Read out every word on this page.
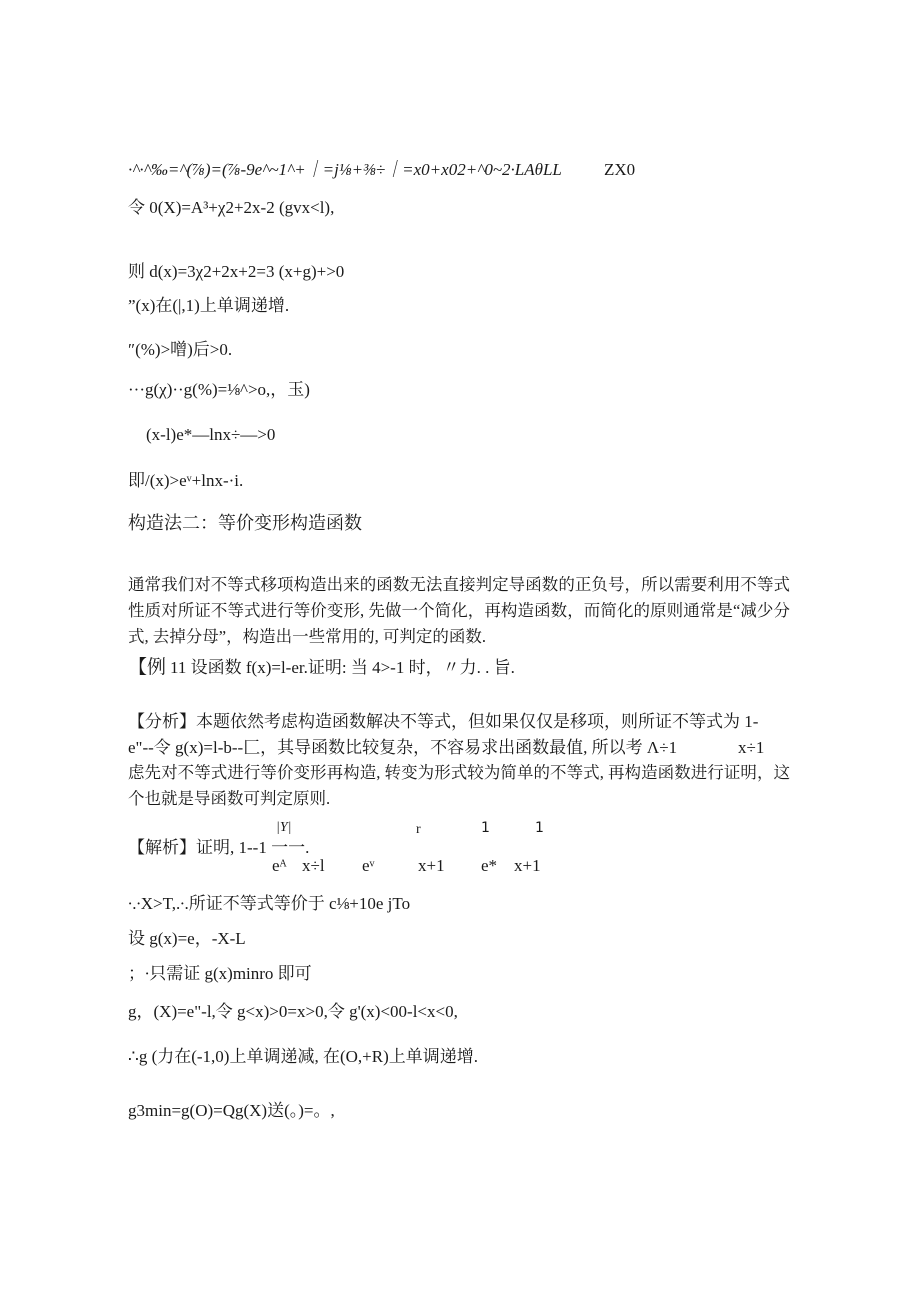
·^·^‰=^(⅞)=(⅞-9e^~1^+｜=j⅛+⅜÷｜=x0+x02+^0~2·LAθLL ZX0
令 0(X)=A³+χ2+2x-2 (gvx<l),
则 d(x)=3χ2+2x+2=3 (x+g)+>0
”(x)在(|,1)上单调递增.
″(%)>噌)后>0.
···g(χ)··g(%)=⅛^>o,，玉)
(x-l)e*—lnx÷—>0
即/(x)>eᵛ+lnx-·i.
构造法二：等价变形构造函数
通常我们对不等式移项构造出来的函数无法直接判定导函数的正负号，所以需要利用不等式性质对所证不等式进行等价变形, 先做一个简化，再构造函数，而简化的原则通常是“减少分式, 去掉分母”，构造出一些常用的, 可判定的函数.
【例 11 设函数 f(x)=l-er.证明: 当 4>-1 时，〃力. . 旨.
【分析】本题依然考虑构造函数解决不等式，但如果仅仅是移项，则所证不等式为 1-
e"--令 g(x)=l-b--匚，其导函数比较复杂，不容易求出函数最值, 所以考 Λ÷1	x÷1
虑先对不等式进行等价变形再构造, 转变为形式较为简单的不等式, 再构造函数进行证明，这个也就是导函数可判定原则.
|Y|	r	1	1
【解析】证明, 1--1 一一.
eᴬ x÷l eᵛ	x+1 e* x+1
∙.∙X>T,.∙.所证不等式等价于 c⅛+10e jTo
设 g(x)=e，-X-L
；∙只需证 g(x)minro 即可
g，(X)=e"-l,令 g<x)>0=x>0,令 g'(x)<00-l<x<0,
∴g (力在(-1,0)上单调递减, 在(O,+R)上单调递增.
g3min=g(O)=Qg(X)送(。)=。,
